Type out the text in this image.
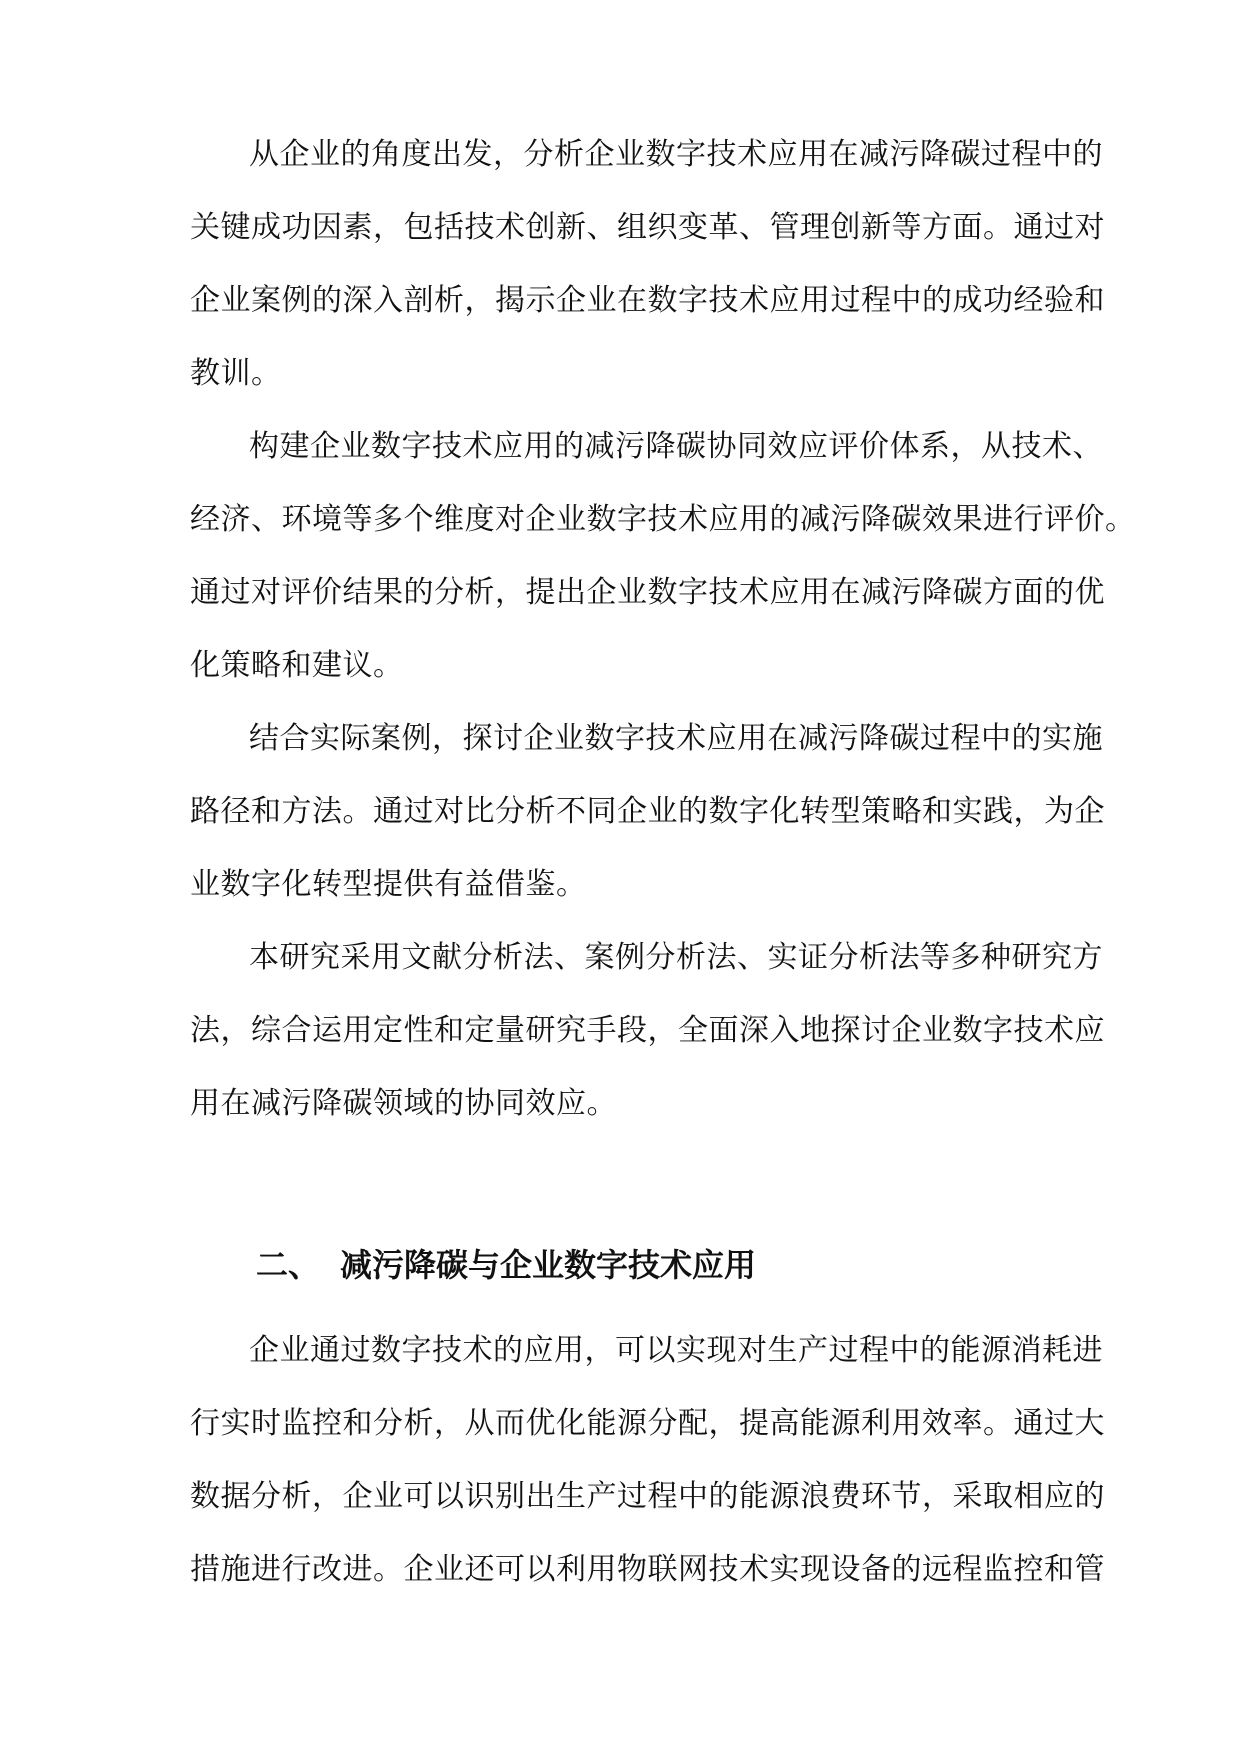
从企业的角度出发，分析企业数字技术应用在减污降碳过程中的
关键成功因素，包括技术创新、组织变革、管理创新等方面。通过对
企业案例的深入剖析，揭示企业在数字技术应用过程中的成功经验和
教训。
构建企业数字技术应用的减污降碳协同效应评价体系，从技术、
经济、环境等多个维度对企业数字技术应用的减污降碳效果进行评价。
通过对评价结果的分析，提出企业数字技术应用在减污降碳方面的优
化策略和建议。
结合实际案例，探讨企业数字技术应用在减污降碳过程中的实施
路径和方法。通过对比分析不同企业的数字化转型策略和实践，为企
业数字化转型提供有益借鉴。
本研究采用文献分析法、案例分析法、实证分析法等多种研究方
法，综合运用定性和定量研究手段，全面深入地探讨企业数字技术应
用在减污降碳领域的协同效应。
二、 减污降碳与企业数字技术应用
企业通过数字技术的应用，可以实现对生产过程中的能源消耗进
行实时监控和分析，从而优化能源分配，提高能源利用效率。通过大
数据分析，企业可以识别出生产过程中的能源浪费环节，采取相应的
措施进行改进。企业还可以利用物联网技术实现设备的远程监控和管
